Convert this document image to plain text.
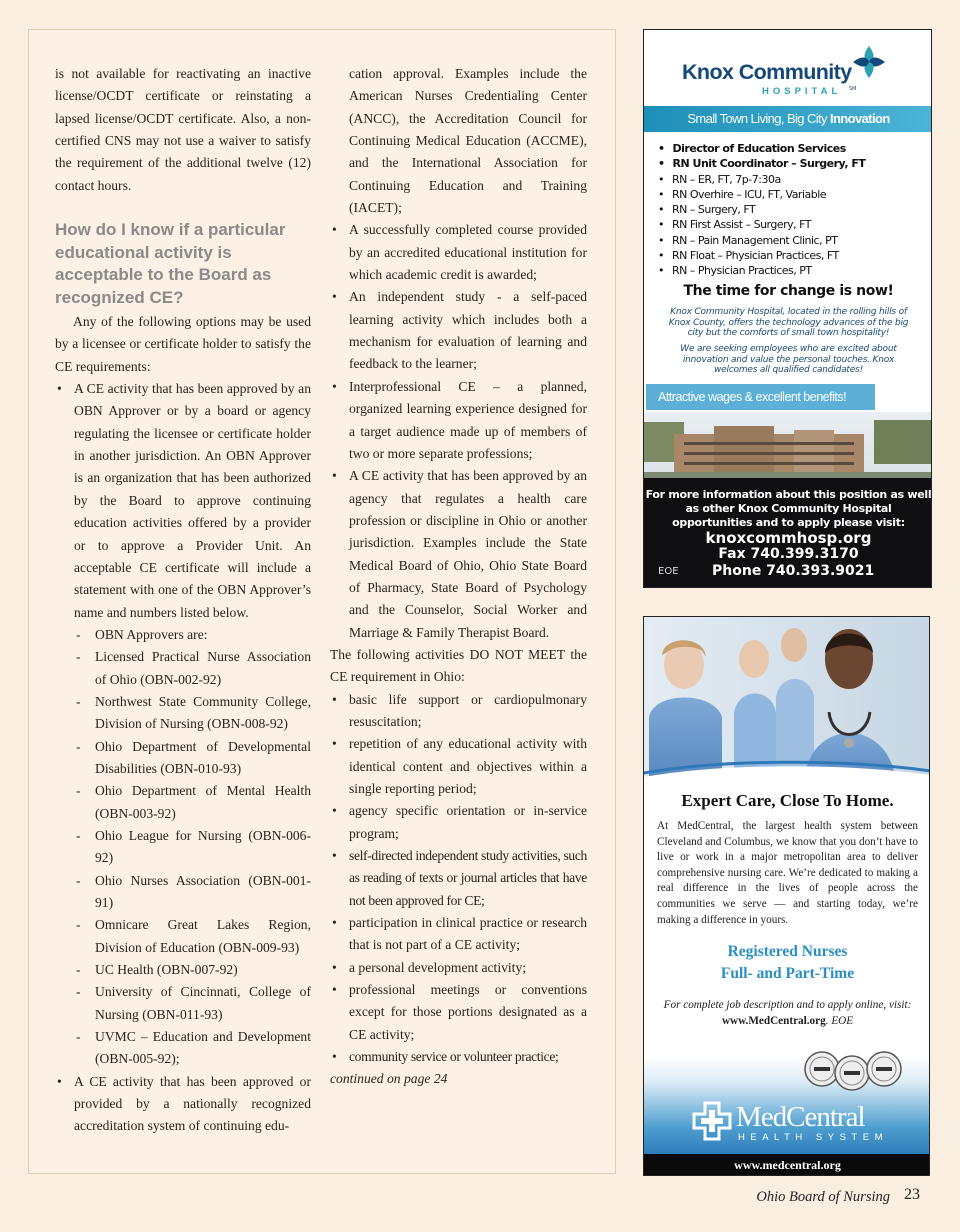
is not available for reactivating an inactive license/OCDT certificate or reinstating a lapsed license/OCDT certificate. Also, a non-certified CNS may not use a waiver to satisfy the requirement of the additional twelve (12) contact hours.

How do I know if a particular educational activity is acceptable to the Board as recognized CE?

Any of the following options may be used by a licensee or certificate holder to satisfy the CE requirements:

• A CE activity that has been approved by an OBN Approver or by a board or agency regulating the licensee or certificate holder in another jurisdiction. An OBN Approver is an organization that has been authorized by the Board to approve continuing education activities offered by a provider or to approve a Provider Unit. An acceptable CE certificate will include a statement with one of the OBN Approver’s name and numbers listed below.

- OBN Approvers are:

- Licensed Practical Nurse Association of Ohio (OBN-002-92)

- Northwest State Community College, Division of Nursing (OBN-008-92)

- Ohio Department of Developmental Disabilities (OBN-010-93)

- Ohio Department of Mental Health (OBN-003-92)

- Ohio League for Nursing (OBN-006-92)

- Ohio Nurses Association (OBN-001-91)

- Omnicare Great Lakes Region, Division of Education (OBN-009-93)

- UC Health (OBN-007-92)

- University of Cincinnati, College of Nursing (OBN-011-93)

- UVMC – Education and Development (OBN-005-92);

• A CE activity that has been approved or provided by a nationally recognized accreditation system of continuing edu-

cation approval. Examples include the American Nurses Credentialing Center (ANCC), the Accreditation Council for Continuing Medical Education (ACCME), and the International Association for Continuing Education and Training (IACET);

• A successfully completed course provided by an accredited educational institution for which academic credit is awarded;

• An independent study - a self-paced learning activity which includes both a mechanism for evaluation of learning and feedback to the learner;

• Interprofessional CE – a planned, organized learning experience designed for a target audience made up of members of two or more separate professions;

• A CE activity that has been approved by an agency that regulates a health care profession or discipline in Ohio or another jurisdiction. Examples include the State Medical Board of Ohio, Ohio State Board of Pharmacy, State Board of Psychology and the Counselor, Social Worker and Marriage & Family Therapist Board.

The following activities DO NOT MEET the CE requirement in Ohio:

• basic life support or cardiopulmonary resuscitation;

• repetition of any educational activity with identical content and objectives within a single reporting period;

• agency specific orientation or in-service program;

• self-directed independent study activities, such as reading of texts or journal articles that have not been approved for CE;

• participation in clinical practice or research that is not part of a CE activity;

• a personal development activity;

• professional meetings or conventions except for those portions designated as a CE activity;

• community service or volunteer practice;

continued on page 24

Knox Community
HOSPITAL SM
Small Town Living, Big City Innovation
• Director of Education Services
• RN Unit Coordinator – Surgery, FT
• RN – ER, FT, 7p-7:30a
• RN Overhire – ICU, FT, Variable
• RN – Surgery, FT
• RN First Assist – Surgery, FT
• RN – Pain Management Clinic, PT
• RN Float – Physician Practices, FT
• RN – Physician Practices, PT
The time for change is now!
Knox Community Hospital, located in the rolling hills of Knox County, offers the technology advances of the big city but the comforts of small town hospitality!
We are seeking employees who are excited about innovation and value the personal touches. Knox welcomes all qualified candidates!
Attractive wages & excellent benefits!
For more information about this position as well as other Knox Community Hospital opportunities and to apply please visit:
knoxcommhosp.org
Fax 740.399.3170
EOE Phone 740.393.9021
Expert Care, Close To Home.
At MedCentral, the largest health system between Cleveland and Columbus, we know that you don’t have to live or work in a major metropolitan area to deliver comprehensive nursing care. We’re dedicated to making a real difference in the lives of people across the communities we serve — and starting today, we’re making a difference in yours.
Registered Nurses
Full- and Part-Time
For complete job description and to apply online, visit: www.MedCentral.org. EOE
MedCentral
HEALTH SYSTEM
www.medcentral.org
Ohio Board of Nursing 23
